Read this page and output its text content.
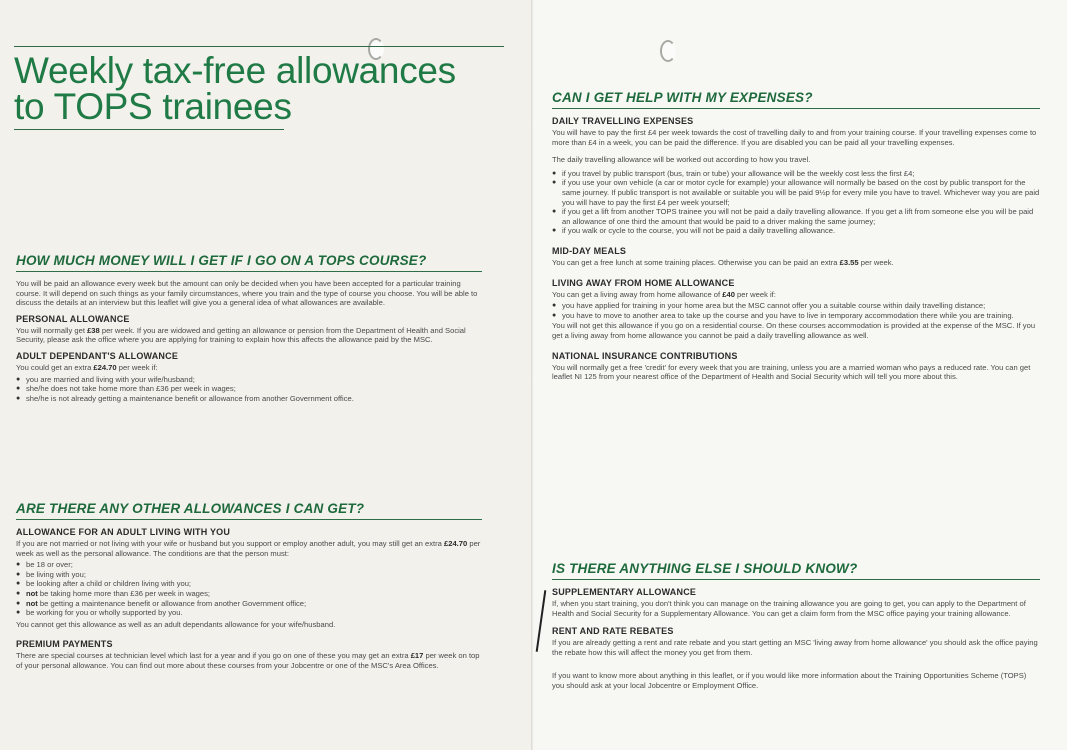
Weekly tax-free allowances
to TOPS trainees
HOW MUCH MONEY WILL I GET IF I GO ON A TOPS COURSE?

You will be paid an allowance every week but the amount can only be decided when you have been accepted for a particular training course. It will depend on such things as your family circumstances, where you train and the type of course you choose. You will be able to discuss the details at an interview but this leaflet will give you a general idea of what allowances are available.

PERSONAL ALLOWANCE

You will normally get £38 per week. If you are widowed and getting an allowance or pension from the Department of Health and Social Security, please ask the office where you are applying for training to explain how this affects the allowance paid by the MSC.

ADULT DEPENDANT'S ALLOWANCE

You could get an extra £24.70 per week if:

● you are married and living with your wife/husband;
● she/he does not take home more than £36 per week in wages;
● she/he is not already getting a maintenance benefit or allowance from another Government office.
ARE THERE ANY OTHER ALLOWANCES I CAN GET?
ALLOWANCE FOR AN ADULT LIVING WITH YOU

If you are not married or not living with your wife or husband but you support or employ another adult, you may still get an extra £24.70 per week as well as the personal allowance. The conditions are that the person must:

● be 18 or over;
● be living with you;
● be looking after a child or children living with you;
● not be taking home more than £36 per week in wages;
● not be getting a maintenance benefit or allowance from another Government office;
● be working for you or wholly supported by you.

You cannot get this allowance as well as an adult dependants allowance for your wife/husband.

PREMIUM PAYMENTS

There are special courses at technician level which last for a year and if you go on one of these you may get an extra £17 per week on top of your personal allowance. You can find out more about these courses from your Jobcentre or one of the MSC's Area Offices.

CAN I GET HELP WITH MY EXPENSES?
DAILY TRAVELLING EXPENSES

You will have to pay the first £4 per week towards the cost of travelling daily to and from your training course. If your travelling expenses come to more than £4 in a week, you can be paid the difference. If you are disabled you can be paid all your travelling expenses.

The daily travelling allowance will be worked out according to how you travel.

● if you travel by public transport (bus, train or tube) your allowance will be the weekly cost less the first £4;
● if you use your own vehicle (a car or motor cycle for example) your allowance will normally be based on the cost by public transport for the same journey. If public transport is not available or suitable you will be paid 9½p for every mile you have to travel. Whichever way you are paid you will have to pay the first £4 per week yourself;
● if you get a lift from another TOPS trainee you will not be paid a daily travelling allowance. If you get a lift from someone else you will be paid an allowance of one third the amount that would be paid to a driver making the same journey;
● if you walk or cycle to the course, you will not be paid a daily travelling allowance.
MID-DAY MEALS

You can get a free lunch at some training places. Otherwise you can be paid an extra £3.55 per week.

LIVING AWAY FROM HOME ALLOWANCE

You can get a living away from home allowance of £40 per week if:

● you have applied for training in your home area but the MSC cannot offer you a suitable course within daily travelling distance;
● you have to move to another area to take up the course and you have to live in temporary accommodation there while you are training.

You will not get this allowance if you go on a residential course. On these courses accommodation is provided at the expense of the MSC. If you get a living away from home allowance you cannot be paid a daily travelling allowance as well.

NATIONAL INSURANCE CONTRIBUTIONS

You will normally get a free 'credit' for every week that you are training, unless you are a married woman who pays a reduced rate. You can get leaflet NI 125 from your nearest office of the Department of Health and Social Security which will tell you more about this.

IS THERE ANYTHING ELSE I SHOULD KNOW?
SUPPLEMENTARY ALLOWANCE

If, when you start training, you don't think you can manage on the training allowance you are going to get, you can apply to the Department of Health and Social Security for a Supplementary Allowance. You can get a claim form from the MSC office paying your training allowance.

RENT AND RATE REBATES

If you are already getting a rent and rate rebate and you start getting an MSC 'living away from home allowance' you should ask the office paying the rebate how this will affect the money you get from them.

If you want to know more about anything in this leaflet, or if you would like more information about the Training Opportunities Scheme (TOPS) you should ask at your local Jobcentre or Employment Office.
